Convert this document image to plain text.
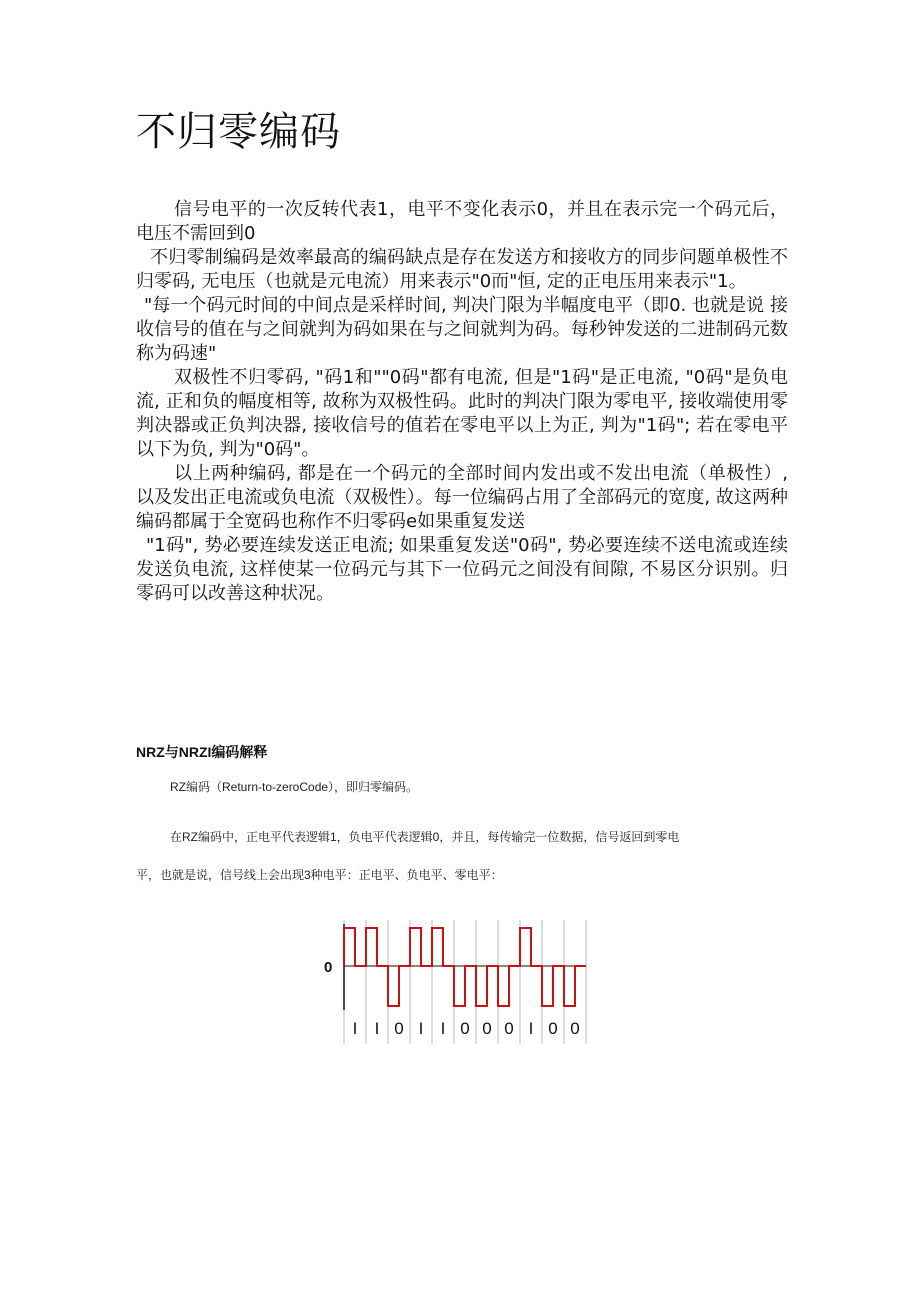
不归零编码

信号电平的一次反转代表1，电平不变化表示0，并且在表示完一个码元后，电压不需回到0

不归零制编码是效率最高的编码缺点是存在发送方和接收方的同步问题单极性不归零码, 无电压（也就是元电流）用来表示"0而"恒, 定的正电压用来表示"1。

"每一个码元时间的中间点是采样时间, 判决门限为半幅度电平（即0. 也就是说 接收信号的值在与之间就判为码如果在与之间就判为码。每秒钟发送的二进制码元数称为码速"

双极性不归零码, "码1和""0码"都有电流, 但是"1码"是正电流, "0码"是负电流, 正和负的幅度相等, 故称为双极性码。此时的判决门限为零电平, 接收端使用零判决器或正负判决器, 接收信号的值若在零电平以上为正, 判为"1码"; 若在零电平以下为负, 判为"0码"。

以上两种编码, 都是在一个码元的全部时间内发出或不发出电流（单极性）, 以及发出正电流或负电流（双极性）。每一位编码占用了全部码元的宽度, 故这两种编码都属于全宽码也称作不归零码e如果重复发送

"1码", 势必要连续发送正电流; 如果重复发送"0码", 势必要连续不送电流或连续发送负电流, 这样使某一位码元与其下一位码元之间没有间隙, 不易区分识别。归零码可以改善这种状况。

NRZ与NRZI编码解释
RZ编码（Return-to-zeroCode），即归零编码。
在RZ编码中，正电平代表逻辑1，负电平代表逻辑0，并且，每传输完一位数据，信号返回到零电
平，也就是说，信号线上会出现3种电平：正电平、负电平、零电平：
0
I I 0 I I 0 0 0 I 0 0
